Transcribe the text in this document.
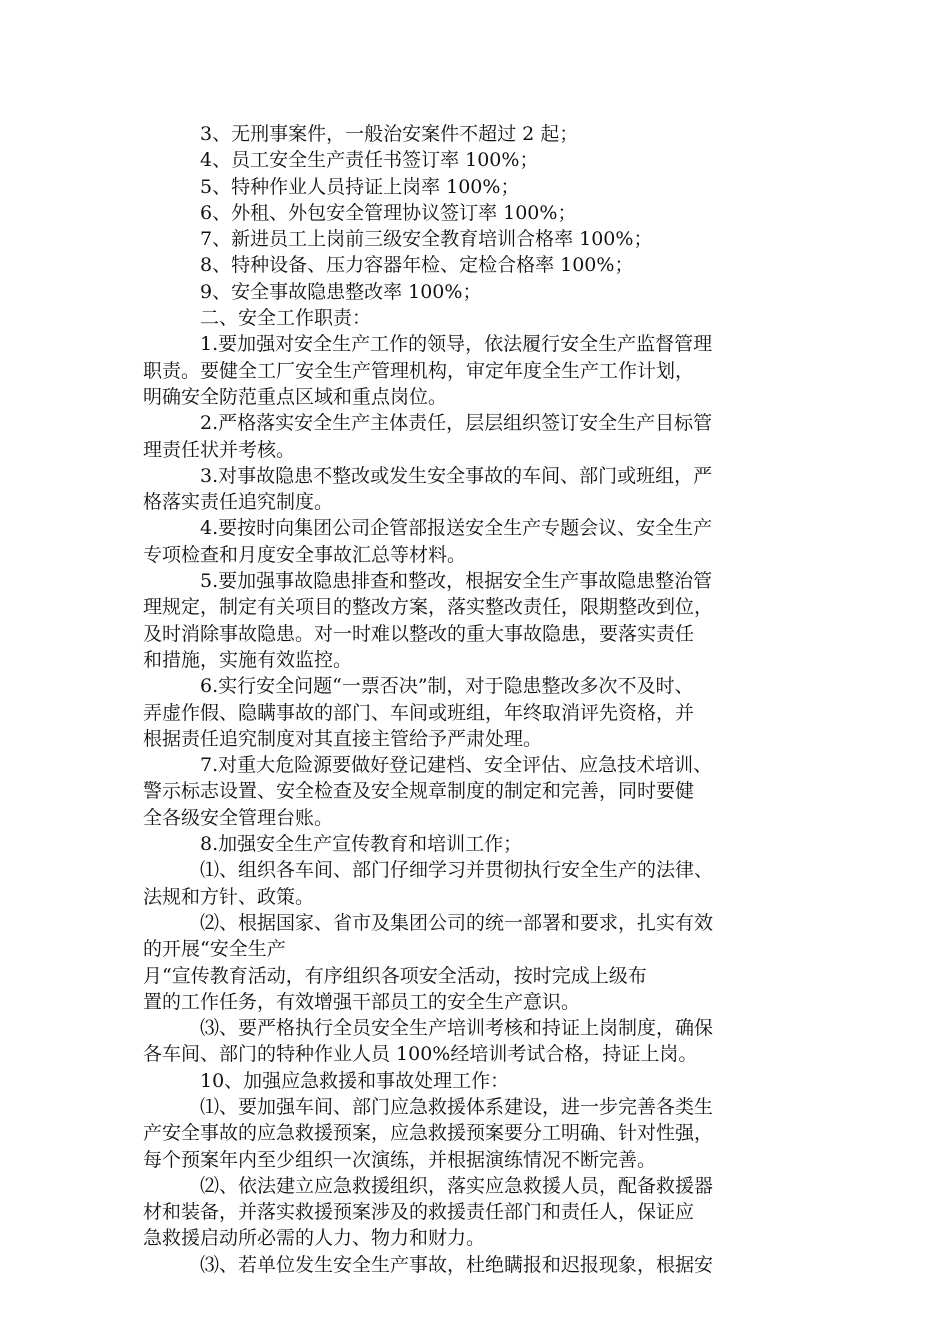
3、无刑事案件，一般治安案件不超过 2 起；
4、员工安全生产责任书签订率 100%；
5、特种作业人员持证上岗率 100%；
6、外租、外包安全管理协议签订率 100%；
7、新进员工上岗前三级安全教育培训合格率 100%；
8、特种设备、压力容器年检、定检合格率 100%；
9、安全事故隐患整改率 100%；
二、安全工作职责：
1.要加强对安全生产工作的领导，依法履行安全生产监督管理
职责。要健全工厂安全生产管理机构，审定年度全生产工作计划，
明确安全防范重点区域和重点岗位。
2.严格落实安全生产主体责任，层层组织签订安全生产目标管
理责任状并考核。
3.对事故隐患不整改或发生安全事故的车间、部门或班组，严
格落实责任追究制度。
4.要按时向集团公司企管部报送安全生产专题会议、安全生产
专项检查和月度安全事故汇总等材料。
5.要加强事故隐患排查和整改，根据安全生产事故隐患整治管
理规定，制定有关项目的整改方案，落实整改责任，限期整改到位，
及时消除事故隐患。对一时难以整改的重大事故隐患，要落实责任
和措施，实施有效监控。
6.实行安全问题“一票否决”制，对于隐患整改多次不及时、
弄虚作假、隐瞒事故的部门、车间或班组，年终取消评先资格，并
根据责任追究制度对其直接主管给予严肃处理。
7.对重大危险源要做好登记建档、安全评估、应急技术培训、
警示标志设置、安全检查及安全规章制度的制定和完善，同时要健
全各级安全管理台账。
8.加强安全生产宣传教育和培训工作；
⑴、组织各车间、部门仔细学习并贯彻执行安全生产的法律、
法规和方针、政策。
⑵、根据国家、省市及集团公司的统一部署和要求，扎实有效
的开展“安全生产
月“宣传教育活动，有序组织各项安全活动，按时完成上级布
置的工作任务，有效增强干部员工的安全生产意识。
⑶、要严格执行全员安全生产培训考核和持证上岗制度，确保
各车间、部门的特种作业人员 100%经培训考试合格，持证上岗。
10、加强应急救援和事故处理工作：
⑴、要加强车间、部门应急救援体系建设，进一步完善各类生
产安全事故的应急救援预案，应急救援预案要分工明确、针对性强，
每个预案年内至少组织一次演练，并根据演练情况不断完善。
⑵、依法建立应急救援组织，落实应急救援人员，配备救援器
材和装备，并落实救援预案涉及的救援责任部门和责任人，保证应
急救援启动所必需的人力、物力和财力。
⑶、若单位发生安全生产事故，杜绝瞒报和迟报现象，根据安
